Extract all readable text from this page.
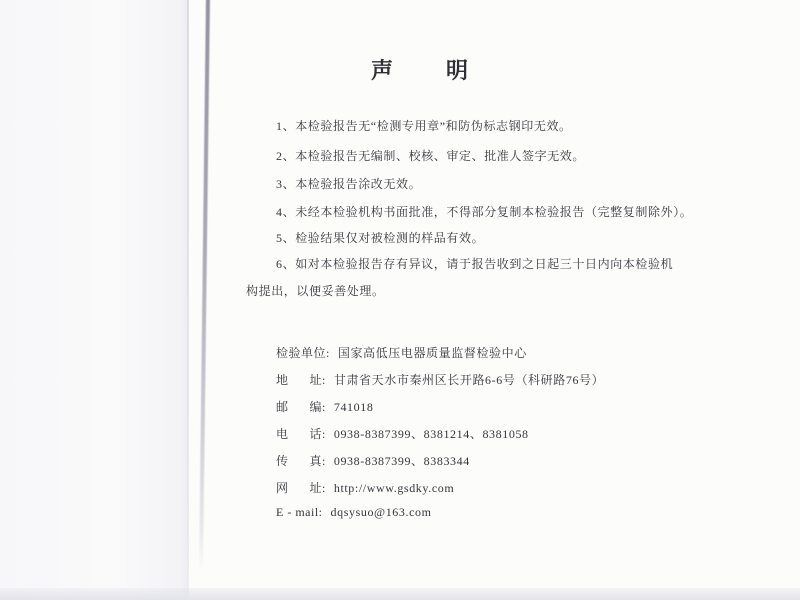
声        明
1、本检验报告无“检测专用章”和防伪标志钢印无效。
2、本检验报告无编制、校核、审定、批准人签字无效。
3、本检验报告涂改无效。
4、未经本检验机构书面批准，不得部分复制本检验报告（完整复制除外）。
5、检验结果仅对被检测的样品有效。
6、如对本检验报告存有异议，请于报告收到之日起三十日内向本检验机
构提出，以便妥善处理。
检验单位: 国家高低压电器质量监督检验中心
地      址: 甘肃省天水市秦州区长开路6-6号（科研路76号）
邮      编: 741018
电      话: 0938-8387399、8381214、8381058
传      真: 0938-8387399、8383344
网      址: http://www.gsdky.com
E - mail: dqsysuo@163.com
